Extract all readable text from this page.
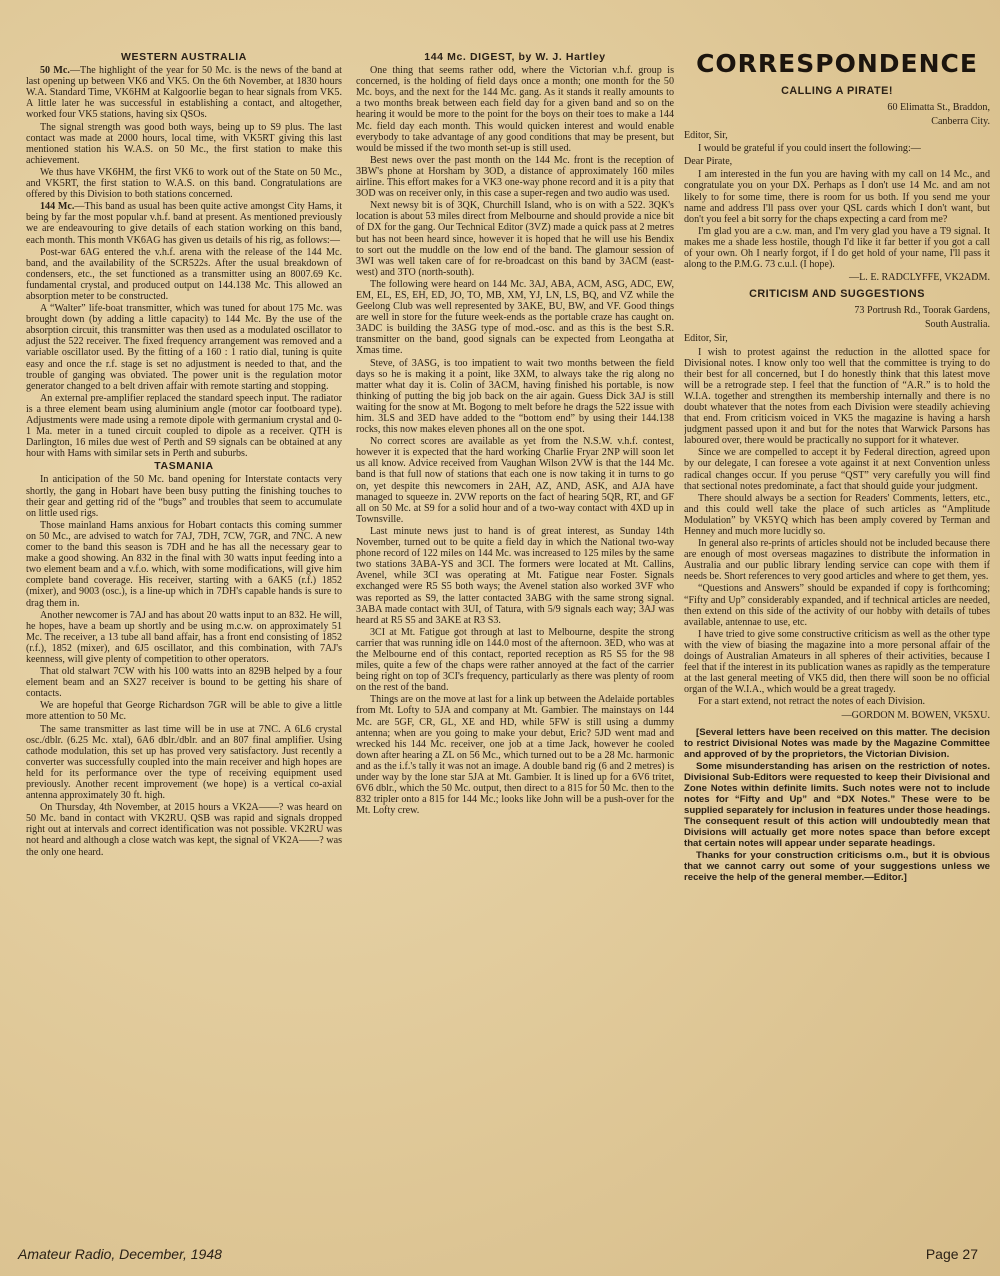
WESTERN AUSTRALIA

50 Mc.—The highlight of the year for 50 Mc. is the news of the band at last opening up between VK6 and VK5. On the 6th November, at 1830 hours W.A. Standard Time, VK6HM at Kalgoorlie began to hear signals from VK5. A little later he was successful in establishing a contact, and altogether, worked four VK5 stations, having six QSOs.

The signal strength was good both ways, being up to S9 plus. The last contact was made at 2000 hours, local time, with VK5RT giving this last mentioned station his W.A.S. on 50 Mc., the first station to make this achievement.

We thus have VK6HM, the first VK6 to work out of the State on 50 Mc., and VK5RT, the first station to W.A.S. on this band. Congratulations are offered by this Division to both stations concerned.

144 Mc.—This band as usual has been quite active amongst City Hams, it being by far the most popular v.h.f. band at present. As mentioned previously we are endeavouring to give details of each station working on this band, each month. This month VK6AG has given us details of his rig, as follows:—

Post-war 6AG entered the v.h.f. arena with the release of the 144 Mc. band, and the availability of the SCR522s. After the usual breakdown of condensers, etc., the set functioned as a transmitter using an 8007.69 Kc. fundamental crystal, and produced output on 144.138 Mc. This allowed an absorption meter to be constructed.

A “Walter” life-boat transmitter, which was tuned for about 175 Mc. was brought down (by adding a little capacity) to 144 Mc. By the use of the absorption circuit, this transmitter was then used as a modulated oscillator to adjust the 522 receiver. The fixed frequency arrangement was removed and a variable oscillator used. By the fitting of a 160 : 1 ratio dial, tuning is quite easy and once the r.f. stage is set no adjustment is needed to that, and the trouble of ganging was obviated. The power unit is the regulation motor generator changed to a belt driven affair with remote starting and stopping.

An external pre-amplifier replaced the standard speech input. The radiator is a three element beam using aluminium angle (motor car footboard type). Adjustments were made using a remote dipole with germanium crystal and 0-1 Ma. meter in a tuned circuit coupled to dipole as a receiver. QTH is Darlington, 16 miles due west of Perth and S9 signals can be obtained at any hour with Hams with similar sets in Perth and suburbs.

TASMANIA

In anticipation of the 50 Mc. band opening for Interstate contacts very shortly, the gang in Hobart have been busy putting the finishing touches to their gear and getting rid of the “bugs” and troubles that seem to accumulate on little used rigs.

Those mainland Hams anxious for Hobart contacts this coming summer on 50 Mc., are advised to watch for 7AJ, 7DH, 7CW, 7GR, and 7NC. A new comer to the band this season is 7DH and he has all the necessary gear to make a good showing. An 832 in the final with 30 watts input feeding into a two element beam and a v.f.o. which, with some modifications, will give him complete band coverage. His receiver, starting with a 6AK5 (r.f.) 1852 (mixer), and 9003 (osc.), is a line-up which in 7DH's capable hands is sure to drag them in.

Another newcomer is 7AJ and has about 20 watts input to an 832. He will, he hopes, have a beam up shortly and be using m.c.w. on approximately 51 Mc. The receiver, a 13 tube all band affair, has a front end consisting of 1852 (r.f.), 1852 (mixer), and 6J5 oscillator, and this combination, with 7AJ's keenness, will give plenty of competition to other operators.

That old stalwart 7CW with his 100 watts into an 829B helped by a four element beam and an SX27 receiver is bound to be getting his share of contacts.

We are hopeful that George Richardson 7GR will be able to give a little more attention to 50 Mc.

The same transmitter as last time will be in use at 7NC. A 6L6 crystal osc./dblr. (6.25 Mc. xtal), 6A6 dblr./dblr. and an 807 final amplifier. Using cathode modulation, this set up has proved very satisfactory. Just recently a converter was successfully coupled into the main receiver and high hopes are held for its performance over the type of receiving equipment used previously. Another recent improvement (we hope) is a vertical co-axial antenna approximately 30 ft. high.

On Thursday, 4th November, at 2015 hours a VK2A——? was heard on 50 Mc. band in contact with VK2RU. QSB was rapid and signals dropped right out at intervals and correct identification was not possible. VK2RU was not heard and although a close watch was kept, the signal of VK2A——? was the only one heard.

144 Mc. DIGEST, by W. J. Hartley

One thing that seems rather odd, where the Victorian v.h.f. group is concerned, is the holding of field days once a month; one month for the 50 Mc. boys, and the next for the 144 Mc. gang. As it stands it really amounts to a two months break between each field day for a given band and so on the hearing it would be more to the point for the boys on their toes to make a 144 Mc. field day each month. This would quicken interest and would enable everybody to take advantage of any good conditions that may be present, but would be missed if the two month set-up is still used.

Best news over the past month on the 144 Mc. front is the reception of 3BW's phone at Horsham by 3OD, a distance of approximately 160 miles airline. This effort makes for a VK3 one-way phone record and it is a pity that 3OD was on receiver only, in this case a super-regen and two audio was used.

Next newsy bit is of 3QK, Churchill Island, who is on with a 522. 3QK's location is about 53 miles direct from Melbourne and should provide a nice bit of DX for the gang. Our Technical Editor (3VZ) made a quick pass at 2 metres but has not been heard since, however it is hoped that he will use his Bendix to sort out the muddle on the low end of the band. The glamour session of 3WI was well taken care of for re-broadcast on this band by 3ACM (east-west) and 3TO (north-south).

The following were heard on 144 Mc. 3AJ, ABA, ACM, ASG, ADC, EW, EM, EL, ES, EH, ED, JO, TO, MB, XM, YJ, LN, LS, BQ, and VZ while the Geelong Club was well represented by 3AKE, BU, BW, and VF. Good things are well in store for the future week-ends as the portable craze has caught on. 3ADC is building the 3ASG type of mod.-osc. and as this is the best S.R. transmitter on the band, good signals can be expected from Leongatha at Xmas time.

Steve, of 3ASG, is too impatient to wait two months between the field days so he is making it a point, like 3XM, to always take the rig along no matter what day it is. Colin of 3ACM, having finished his portable, is now thinking of putting the big job back on the air again. Guess Dick 3AJ is still waiting for the snow at Mt. Bogong to melt before he drags the 522 issue with him. 3LS and 3ED have added to the “bottom end” by using their 144.138 rocks, this now makes eleven phones all on the one spot.

No correct scores are available as yet from the N.S.W. v.h.f. contest, however it is expected that the hard working Charlie Fryar 2NP will soon let us all know. Advice received from Vaughan Wilson 2VW is that the 144 Mc. band is that full now of stations that each one is now taking it in turns to go on, yet despite this newcomers in 2AH, AZ, AND, ASK, and AJA have managed to squeeze in. 2VW reports on the fact of hearing 5QR, RT, and GF all on 50 Mc. at S9 for a solid hour and of a two-way contact with 4XD up in Townsville.

Last minute news just to hand is of great interest, as Sunday 14th November, turned out to be quite a field day in which the National two-way phone record of 122 miles on 144 Mc. was increased to 125 miles by the same two stations 3ABA-YS and 3CI. The formers were located at Mt. Callins, Avenel, while 3CI was operating at Mt. Fatigue near Foster. Signals exchanged were R5 S5 both ways; the Avenel station also worked 3VF who was reported as S9, the latter contacted 3ABG with the same strong signal. 3ABA made contact with 3UI, of Tatura, with 5/9 signals each way; 3AJ was heard at R5 S5 and 3AKE at R3 S3.

3CI at Mt. Fatigue got through at last to Melbourne, despite the strong carrier that was running idle on 144.0 most of the afternoon. 3ED, who was at the Melbourne end of this contact, reported reception as R5 S5 for the 98 miles, quite a few of the chaps were rather annoyed at the fact of the carrier being right on top of 3CI's frequency, particularly as there was plenty of room on the rest of the band.

Things are on the move at last for a link up between the Adelaide portables from Mt. Lofty to 5JA and company at Mt. Gambier. The mainstays on 144 Mc. are 5GF, CR, GL, XE and HD, while 5FW is still using a dummy antenna; when are you going to make your debut, Eric? 5JD went mad and wrecked his 144 Mc. receiver, one job at a time Jack, however he cooled down after hearing a ZL on 56 Mc., which turned out to be a 28 Mc. harmonic and as the i.f.'s tally it was not an image. A double band rig (6 and 2 metres) is under way by the lone star 5JA at Mt. Gambier. It is lined up for a 6V6 tritet, 6V6 dblr., which the 50 Mc. output, then direct to a 815 for 50 Mc. then to the 832 tripler onto a 815 for 144 Mc.; looks like John will be a push-over for the Mt. Lofty crew.

CORRESPONDENCE
CALLING A PIRATE!

60 Elimatta St., Braddon,

Canberra City.

Editor, Sir,

I would be grateful if you could insert the following:—

Dear Pirate,

I am interested in the fun you are having with my call on 14 Mc., and congratulate you on your DX. Perhaps as I don't use 14 Mc. and am not likely to for some time, there is room for us both. If you send me your name and address I'll pass over your QSL cards which I don't want, but don't you feel a bit sorry for the chaps expecting a card from me?

I'm glad you are a c.w. man, and I'm very glad you have a T9 signal. It makes me a shade less hostile, though I'd like it far better if you got a call of your own. Oh I nearly forgot, if I do get hold of your name, I'll pass it along to the P.M.G. 73 c.u.l. (I hope).

—L. E. RADCLYFFE, VK2ADM.

CRITICISM AND SUGGESTIONS

73 Portrush Rd., Toorak Gardens,

South Australia.

Editor, Sir,

I wish to protest against the reduction in the allotted space for Divisional notes. I know only too well that the committee is trying to do their best for all concerned, but I do honestly think that this latest move will be a retrograde step. I feel that the function of “A.R.” is to hold the W.I.A. together and strengthen its membership internally and there is no doubt whatever that the notes from each Division were steadily achieving that end. From criticism voiced in VK5 the magazine is having a harsh judgment passed upon it and but for the notes that Warwick Parsons has laboured over, there would be practically no support for it whatever.

Since we are compelled to accept it by Federal direction, agreed upon by our delegate, I can foresee a vote against it at next Convention unless radical changes occur. If you peruse “QST” very carefully you will find that sectional notes predominate, a fact that should guide your judgment.

There should always be a section for Readers' Comments, letters, etc., and this could well take the place of such articles as “Amplitude Modulation” by VK5YQ which has been amply covered by Terman and Henney and much more lucidly so.

In general also re-prints of articles should not be included because there are enough of most overseas magazines to distribute the information in Australia and our public library lending service can cope with them if needs be. Short references to very good articles and where to get them, yes.

“Questions and Answers” should be expanded if copy is forthcoming; “Fifty and Up” considerably expanded, and if technical articles are needed, then extend on this side of the activity of our hobby with details of tubes available, antennae to use, etc.

I have tried to give some constructive criticism as well as the other type with the view of biasing the magazine into a more personal affair of the doings of Australian Amateurs in all spheres of their activities, because I feel that if the interest in its publication wanes as rapidly as the temperature at the last general meeting of VK5 did, then there will soon be no official organ of the W.I.A., which would be a great tragedy.

For a start extend, not retract the notes of each Division.

—GORDON M. BOWEN, VK5XU.

[Several letters have been received on this matter. The decision to restrict Divisional Notes was made by the Magazine Committee and approved of by the proprietors, the Victorian Division.

Some misunderstanding has arisen on the restriction of notes. Divisional Sub-Editors were requested to keep their Divisional and Zone Notes within definite limits. Such notes were not to include notes for “Fifty and Up” and “DX Notes.” These were to be supplied separately for inclusion in features under those headings. The consequent result of this action will undoubtedly mean that Divisions will actually get more notes space than before except that certain notes will appear under separate headings.

Thanks for your construction criticisms o.m., but it is obvious that we cannot carry out some of your suggestions unless we receive the help of the general member.—Editor.]

Amateur Radio, December, 1948	Page 27
